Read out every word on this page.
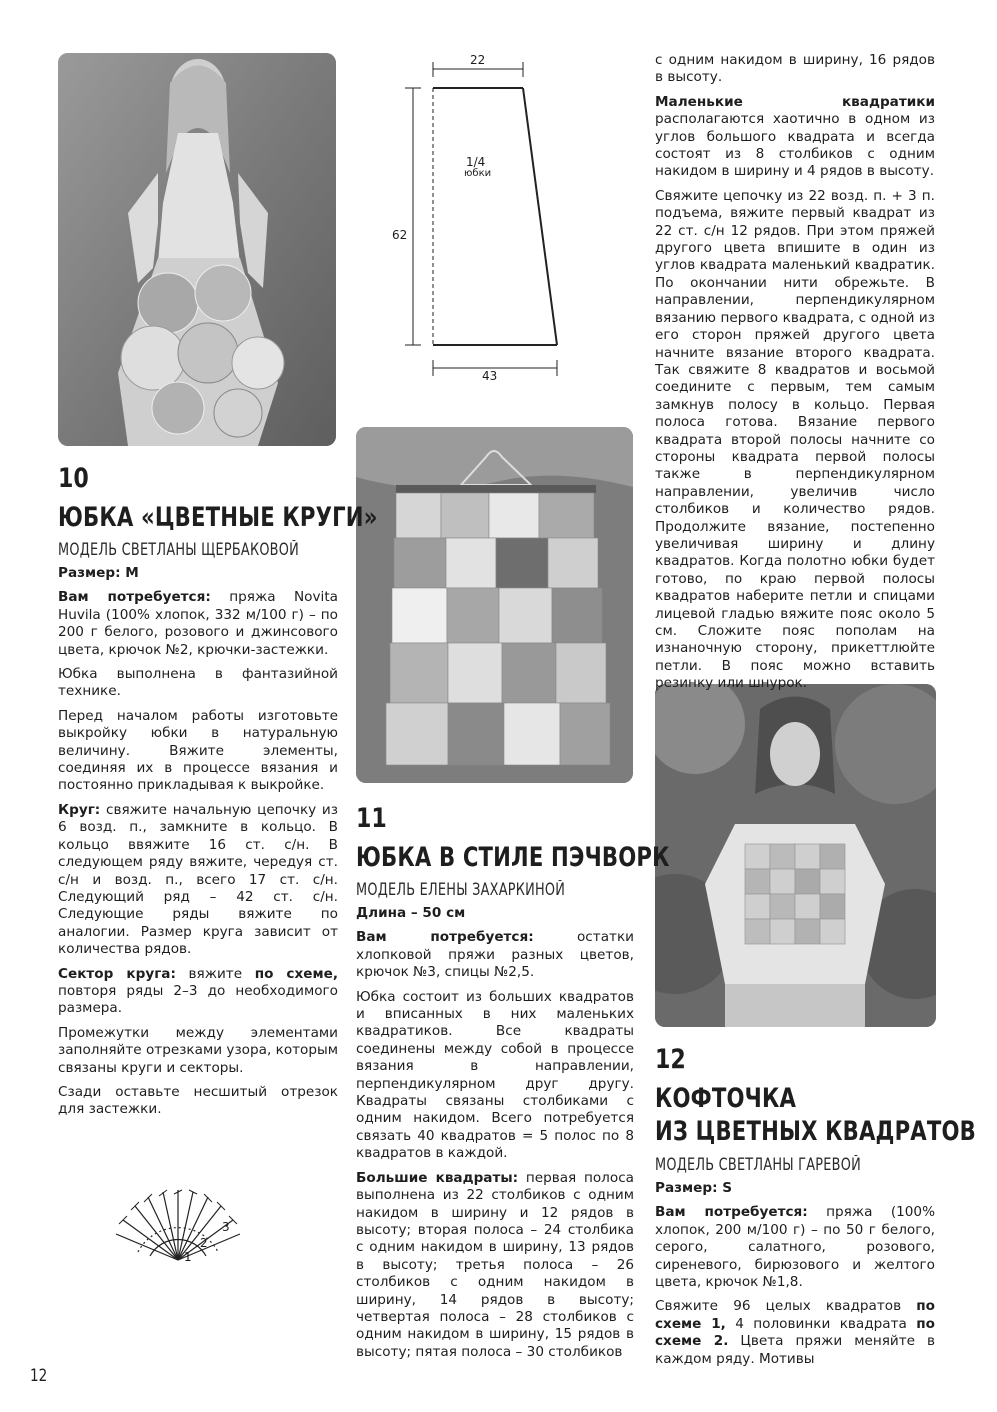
22
62
43
1/4
юбки
1
2
3
10
ЮБКА «ЦВЕТНЫЕ КРУГИ»
МОДЕЛЬ СВЕТЛАНЫ ЩЕРБАКОВОЙ

Размер: M

Вам потребуется: пряжа Novita Huvila (100% хлопок, 332 м/100 г) – по 200 г белого, розового и джинсового цвета, крючок №2, крючки-застежки.

Юбка выполнена в фантазийной технике.

Перед началом работы изготовьте выкройку юбки в натуральную величину. Вяжите элементы, соединяя их в процессе вязания и постоянно прикладывая к выкройке.

Круг: свяжите начальную цепочку из 6 возд. п., замкните в кольцо. В кольцо ввяжите 16 ст. с/н. В следующем ряду вяжите, чередуя ст. с/н и возд. п., всего 17 ст. с/н. Следующий ряд – 42 ст. с/н. Следующие ряды вяжите по аналогии. Размер круга зависит от количества рядов.

Сектор круга: вяжите по схеме, повторя ряды 2–3 до необходимого размера.

Промежутки между элементами заполняйте отрезками узора, которым связаны круги и секторы.

Сзади оставьте несшитый отрезок для застежки.

11
ЮБКА В СТИЛЕ ПЭЧВОРК
МОДЕЛЬ ЕЛЕНЫ ЗАХАРКИНОЙ

Длина – 50 см

Вам потребуется: остатки хлопковой пряжи разных цветов, крючок №3, спицы №2,5.

Юбка состоит из больших квадратов и вписанных в них маленьких квадратиков. Все квадраты соединены между собой в процессе вязания в направлении, перпендикулярном друг другу. Квадраты связаны столбиками с одним накидом. Всего потребуется связать 40 квадратов = 5 полос по 8 квадратов в каждой.

Большие квадраты: первая полоса выполнена из 22 столбиков с одним накидом в ширину и 12 рядов в высоту; вторая полоса – 24 столбика с одним накидом в ширину, 13 рядов в высоту; третья полоса – 26 столбиков с одним накидом в ширину, 14 рядов в высоту; четвертая полоса – 28 столбиков с одним накидом в ширину, 15 рядов в высоту; пятая полоса – 30 столбиков

с одним накидом в ширину, 16 рядов в высоту.

Маленькие квадратики располагаются хаотично в одном из углов большого квадрата и всегда состоят из 8 столбиков с одним накидом в ширину и 4 рядов в высоту.

Свяжите цепочку из 22 возд. п. + 3 п. подъема, вяжите первый квадрат из 22 ст. с/н 12 рядов. При этом пряжей другого цвета впишите в один из углов квадрата маленький квадратик. По окончании нити обрежьте. В направлении, перпендикулярном вязанию первого квадрата, с одной из его сторон пряжей другого цвета начните вязание второго квадрата. Так свяжите 8 квадратов и восьмой соедините с первым, тем самым замкнув полосу в кольцо. Первая полоса готова. Вязание первого квадрата второй полосы начните со стороны квадрата первой полосы также в перпендикулярном направлении, увеличив число столбиков и количество рядов. Продолжите вязание, постепенно увеличивая ширину и длину квадратов. Когда полотно юбки будет готово, по краю первой полосы квадратов наберите петли и спицами лицевой гладью вяжите пояс около 5 см. Сложите пояс пополам на изнаночную сторону, прикеттлюйте петли. В пояс можно вставить резинку или шнурок.

12
КОФТОЧКА
ИЗ ЦВЕТНЫХ КВАДРАТОВ
МОДЕЛЬ СВЕТЛАНЫ ГАРЕВОЙ

Размер: S

Вам потребуется: пряжа (100% хлопок, 200 м/100 г) – по 50 г белого, серого, салатного, розового, сиреневого, бирюзового и желтого цвета, крючок №1,8.

Свяжите 96 целых квадратов по схеме 1, 4 половинки квадрата по схеме 2. Цвета пряжи меняйте в каждом ряду. Мотивы

12
